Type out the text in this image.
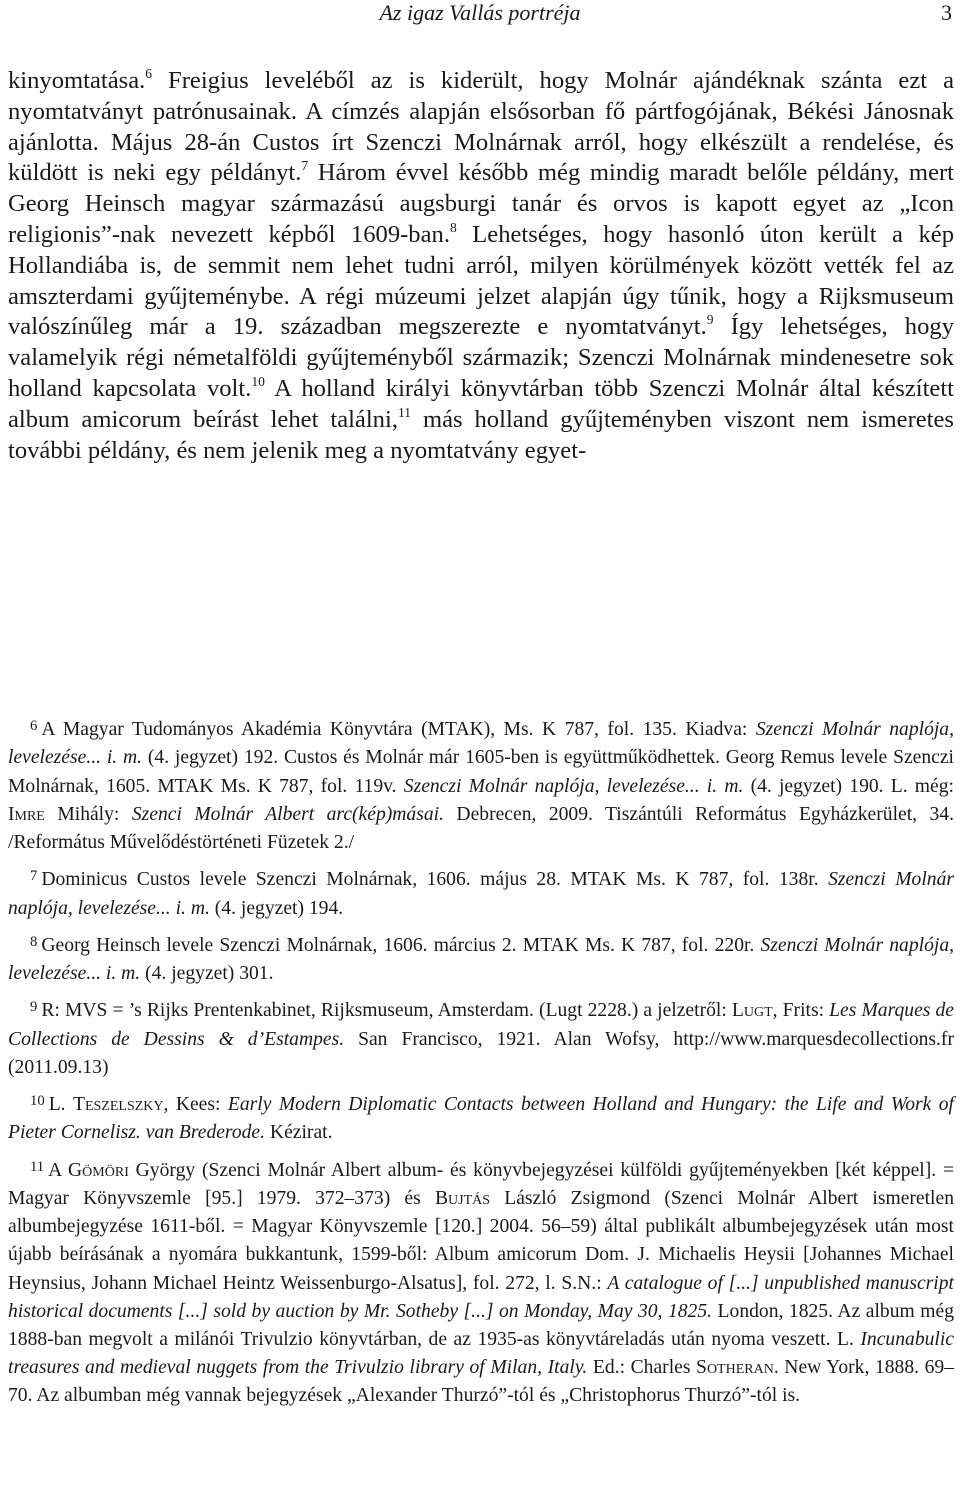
Az igaz Vallás portréja	3

kinyomtatása.$^6$ Freigius leveléből az is kiderült, hogy Molnár ajándéknak szánta ezt a nyomtatványt patrónusainak. A címzés alapján elsősorban fő pártfogójának, Békési Jánosnak ajánlotta. Május 28-án Custos írt Szenczi Molnárnak arról, hogy elkészült a rendelése, és küldött is neki egy példányt.$^7$ Három évvel később még mindig maradt belőle példány, mert Georg Heinsch magyar származású augsburgi tanár és orvos is kapott egyet az „Icon religionis”-nak nevezett képből 1609-ban.$^8$ Lehetséges, hogy hasonló úton került a kép Hollandiába is, de semmit nem lehet tudni arról, milyen körülmények között vették fel az amszterdami gyűjteménybe. A régi múzeumi jelzet alapján úgy tűnik, hogy a Rijksmuseum valószínűleg már a 19. században megszerezte e nyomtatványt.$^9$ Így lehetséges, hogy valamelyik régi németalföldi gyűjteményből származik; Szenczi Molnárnak mindenesetre sok holland kapcsolata volt.$^{10}$ A holland királyi könyvtárban több Szenczi Molnár által készített album amicorum beírást lehet találni,$^{11}$ más holland gyűjteményben viszont nem ismeretes további példány, és nem jelenik meg a nyomtatvány egyet-

$^6$ A Magyar Tudományos Akadémia Könyvtára (MTAK), Ms. K 787, fol. 135. Kiadva: Szenczi Molnár naplója, levelezése... i. m. (4. jegyzet) 192. Custos és Molnár már 1605-ben is együttműködhettek. Georg Remus levele Szenczi Molnárnak, 1605. MTAK Ms. K 787, fol. 119v. Szenczi Molnár naplója, levelezése... i. m. (4. jegyzet) 190. L. még: Imre Mihály: Szenci Molnár Albert arc(kép)másai. Debrecen, 2009. Tiszántúli Református Egyházkerület, 34. /Református Művelődéstörténeti Füzetek 2./

$^7$ Dominicus Custos levele Szenczi Molnárnak, 1606. május 28. MTAK Ms. K 787, fol. 138r. Szenczi Molnár naplója, levelezése... i. m. (4. jegyzet) 194.

$^8$ Georg Heinsch levele Szenczi Molnárnak, 1606. március 2. MTAK Ms. K 787, fol. 220r. Szenczi Molnár naplója, levelezése... i. m. (4. jegyzet) 301.

$^9$ R: MVS = ’s Rijks Prentenkabinet, Rijksmuseum, Amsterdam. (Lugt 2228.) a jelzetről: Lugt, Frits: Les Marques de Collections de Dessins & d’Estampes. San Francisco, 1921. Alan Wofsy, http://www.marquesdecollections.fr (2011.09.13)

$^{10}$ L. Teszelszky, Kees: Early Modern Diplomatic Contacts between Holland and Hungary: the Life and Work of Pieter Cornelisz. van Brederode. Kézirat.

$^{11}$ A Gömöri György (Szenci Molnár Albert album- és könyvbejegyzései külföldi gyűjteményekben [két képpel]. = Magyar Könyvszemle [95.] 1979. 372–373) és Bujtás László Zsigmond (Szenci Molnár Albert ismeretlen albumbejegyzése 1611-ből. = Magyar Könyvszemle [120.] 2004. 56–59) által publikált albumbejegyzések után most újabb beírásának a nyomára bukkantunk, 1599-ből: Album amicorum Dom. J. Michaelis Heysii [Johannes Michael Heynsius, Johann Michael Heintz Weissenburgo-Alsatus], fol. 272, l. S.N.: A catalogue of [...] unpublished manuscript historical documents [...] sold by auction by Mr. Sotheby [...] on Monday, May 30, 1825. London, 1825. Az album még 1888-ban megvolt a milánói Trivulzio könyvtárban, de az 1935-as könyvtáreladás után nyoma veszett. L. Incunabulic treasures and medieval nuggets from the Trivulzio library of Milan, Italy. Ed.: Charles Sotheran. New York, 1888. 69–70. Az albumban még vannak bejegyzések „Alexander Thurzó”-tól és „Christophorus Thurzó”-tól is.
